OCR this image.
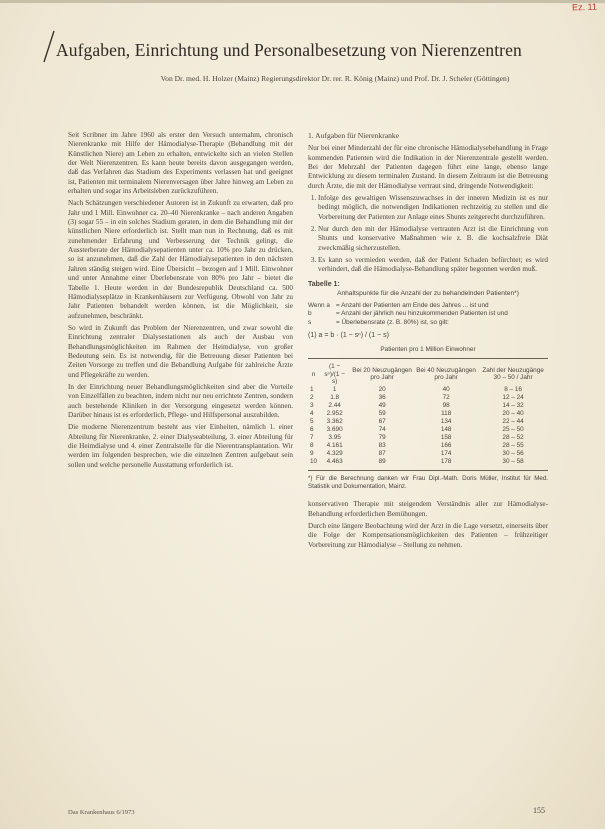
Ez. 11
Aufgaben, Einrichtung und Personalbesetzung von Nierenzentren
Von Dr. med. H. Holzer (Mainz) Regierungsdirektor Dr. rer. R. König (Mainz) und Prof. Dr. J. Scheler (Göttingen)

Seit Scribner im Jahre 1960 als erster den Versuch unternahm, chronisch Nierenkranke mit Hilfe der Hämodialyse-Therapie (Behandlung mit der Künstlichen Niere) am Leben zu erhalten, entwickelte sich an vielen Stellen der Welt Nierenzentren. Es kann heute bereits davon ausgegangen werden, daß das Verfahren das Stadium des Experiments verlassen hat und geeignet ist, Patienten mit terminalem Nierenversagen über Jahre hinweg am Leben zu erhalten und sogar ins Arbeitsleben zurückzuführen.

Nach Schätzungen verschiedener Autoren ist in Zukunft zu erwarten, daß pro Jahr und 1 Mill. Einwohner ca. 20–40 Nierenkranke – nach anderen Angaben (3) sogar 55 – in ein solches Stadium geraten, in dem die Behandlung mit der künstlichen Niere erforderlich ist. Stellt man nun in Rechnung, daß es mit zunehmender Erfahrung und Verbesserung der Technik gelingt, die Aussterberate der Hämodialysepatienten unter ca. 10% pro Jahr zu drücken, so ist anzunehmen, daß die Zahl der Hämodialysepatienten in den nächsten Jahren ständig steigen wird. Eine Übersicht – bezogen auf 1 Mill. Einwohner und unter Annahme einer Überlebensrate von 80% pro Jahr – bietet die Tabelle 1. Heute werden in der Bundesrepublik Deutschland ca. 500 Hämodialyseplätze in Krankenhäusern zur Verfügung. Obwohl von Jahr zu Jahr Patienten behandelt werden können, ist die Möglichkeit, sie aufzunehmen, beschränkt.

So wird in Zukunft das Problem der Nierenzentren, und zwar sowohl die Einrichtung zentraler Dialysestationen als auch der Ausbau von Behandlungsmöglichkeiten im Rahmen der Heimdialyse, von großer Bedeutung sein. Es ist notwendig, für die Betreuung dieser Patienten bei Zeiten Vorsorge zu treffen und die Behandlung Aufgabe für zahlreiche Ärzte und Pflegekräfte zu werden.

In der Einrichtung neuer Behandlungsmöglichkeiten sind aber die Vorteile von Einzelfällen zu beachten, indem nicht nur neu errichtete Zentren, sondern auch bestehende Kliniken in der Versorgung eingesetzt werden können. Darüber hinaus ist es erforderlich, Pflege- und Hilfspersonal auszubilden.

Die moderne Nierenzentrum besteht aus vier Einheiten, nämlich 1. einer Abteilung für Nierenkranke, 2. einer Dialyseabteilung, 3. einer Abteilung für die Heimdialyse und 4. einer Zentralstelle für die Nierentransplantation. Wir werden im folgenden besprechen, wie die einzelnen Zentren aufgebaut sein sollen und welche personelle Ausstattung erforderlich ist.

1. Aufgaben für Nierenkranke

Nur bei einer Minderzahl der für eine chronische Hämodialysebehandlung in Frage kommenden Patienten wird die Indikation in der Nierenzentrale gestellt werden. Bei der Mehrzahl der Patienten dagegen führt eine lange, ebenso lange Entwicklung zu diesem terminalen Zustand. In diesem Zeitraum ist die Betreuung durch Ärzte, die mit der Hämodialyse vertraut sind, dringende Notwendigkeit:

1. Infolge des gewaltigen Wissenszuwachses in der inneren Medizin ist es nur bedingt möglich, die notwendigen Indikationen rechtzeitig zu stellen und die Vorbereitung der Patienten zur Anlage eines Shunts zeitgerecht durchzuführen.
2. Nur durch den mit der Hämodialyse vertrauten Arzt ist die Einrichtung von Shunts und konservative Maßnahmen wie z. B. die kochsalzfreie Diät zweckmäßig sicherzustellen.
3. Es kann so vermieden werden, daß der Patient Schaden befürchtet; es wird verhindert, daß die Hämodialyse-Behandlung später begonnen werden muß.
Tabelle 1:
Anhaltspunkte für die Anzahl der zu behandelnden Patienten*)
Wenn a = Anzahl der Patienten am Ende des Jahres ... ist und
b	= Anzahl der jährlich neu hinzukommenden Patienten ist und
s	= Überlebensrate (z. B. 80%) ist, so gilt:
(1) a = b · (1 − sⁿ) / (1 − s)
Patienten pro 1 Million Einwohner
n	(1 − sⁿ)/(1 − s)	Bei 20 Neuzugängen pro Jahr	Bei 40 Neuzugängen pro Jahr	Zahl der Neuzugänge 30 – 50 / Jahr
1	1	20	40	8 – 16
2	1.8	36	72	12 – 24
3	2.44	49	98	14 – 32
4	2.952	59	118	20 – 40
5	3.362	67	134	22 – 44
6	3.690	74	148	25 – 50
7	3.95	79	158	28 – 52
8	4.161	83	166	28 – 55
9	4.329	87	174	30 – 56
10	4.463	89	178	30 – 58
*) Für die Berechnung danken wir Frau Dipl.-Math. Doris Müller, Institut für Med. Statistik und Dokumentation, Mainz.

konservativen Therapie mit steigendem Verständnis aller zur Hämodialyse-Behandlung erforderlichen Bemühungen.

Durch eine längere Beobachtung wird der Arzt in die Lage versetzt, einerseits über die Folge der Kompensationsmöglichkeiten des Patienten – frühzeitiger Vorbereitung zur Hämodialyse – Stellung zu nehmen.

Das Krankenhaus 6/1973	155
